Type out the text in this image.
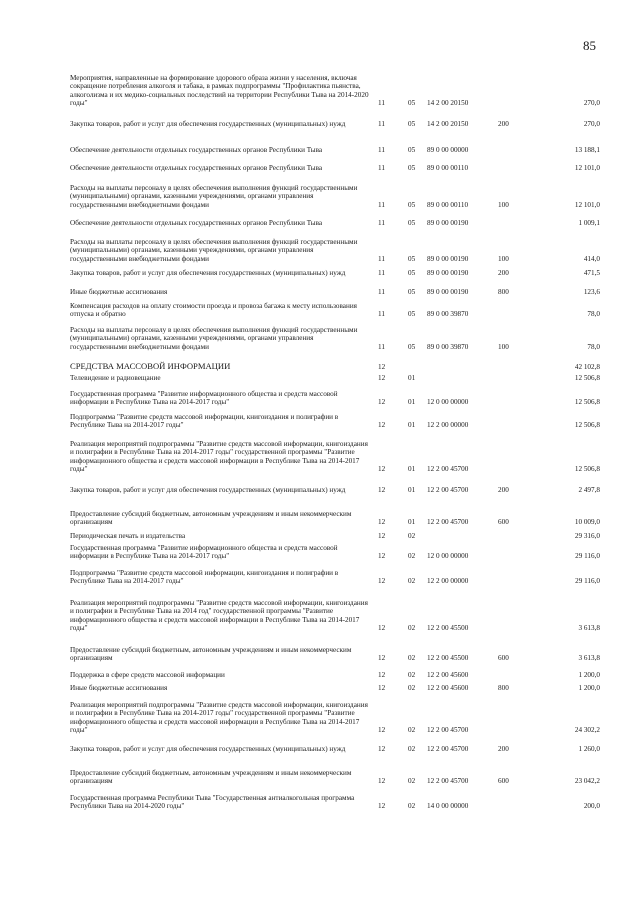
85
Мероприятия, направленные на формирование здорового образа жизни у населения, включая сокращение потребления алкоголя и табака, в рамках подпрограммы "Профилактика пьянства, алкоголизма и их медико-социальных последствий на территории Республики Тыва на 2014-2020 годы"	11	05 14 2 00 20150	270,0
Закупка товаров, работ и услуг для обеспечения государственных (муниципальных) нужд	11	05 14 2 00 20150	200	270,0
Обеспечение деятельности отдельных государственных органов Республики Тыва	11	05 89 0 00 00000	13 188,1
Обеспечение деятельности отдельных государственных органов Республики Тыва	11	05 89 0 00 00110	12 101,0
Расходы на выплаты персоналу в целях обеспечения выполнения функций государственными (муниципальными) органами, казенными учреждениями, органами управления государственными внебюджетными фондами	11	05 89 0 00 00110	100	12 101,0
Обеспечение деятельности отдельных государственных органов Республики Тыва	11	05 89 0 00 00190	1 009,1
Расходы на выплаты персоналу в целях обеспечения выполнения функций государственными (муниципальными) органами, казенными учреждениями, органами управления государственными внебюджетными фондами	11	05 89 0 00 00190	100	414,0
Закупка товаров, работ и услуг для обеспечения государственных (муниципальных) нужд	11	05 89 0 00 00190	200	471,5
Иные бюджетные ассигнования	11	05 89 0 00 00190	800	123,6
Компенсация расходов на оплату стоимости проезда и провоза багажа к месту использования отпуска и обратно	11	05 89 0 00 39870	78,0
Расходы на выплаты персоналу в целях обеспечения выполнения функций государственными (муниципальными) органами, казенными учреждениями, органами управления государственными внебюджетными фондами	11	05 89 0 00 39870	100	78,0
СРЕДСТВА МАССОВОЙ ИНФОРМАЦИИ	12	42 102,8
Телевидение и радиовещание	12	01	12 506,8
Государственная программа "Развитие информационного общества и средств массовой информации в Республике Тыва на 2014-2017 годы"	12	01 12 0 00 00000	12 506,8
Подпрограмма "Развитие средств массовой информации, книгоиздания и полиграфии в Республике Тыва на 2014-2017 годы"	12	01 12 2 00 00000	12 506,8
Реализация мероприятий подпрограммы "Развитие средств массовой информации, книгоиздания и полиграфии в Республике Тыва на 2014-2017 годы" государственной программы "Развитие информационного общества и средств массовой информации в Республике Тыва на 2014-2017 годы"	12	01 12 2 00 45700	12 506,8
Закупка товаров, работ и услуг для обеспечения государственных (муниципальных) нужд	12	01 12 2 00 45700	200	2 497,8
Предоставление субсидий бюджетным, автономным учреждениям и иным некоммерческим организациям	12	01 12 2 00 45700	600	10 009,0
Периодическая печать и издательства	12	02	29 316,0
Государственная программа "Развитие информационного общества и средств массовой информации в Республике Тыва на 2014-2017 годы"	12	02 12 0 00 00000	29 116,0
Подпрограмма "Развитие средств массовой информации, книгоиздания и полиграфии в Республике Тыва на 2014-2017 годы"	12	02 12 2 00 00000	29 116,0
Реализация мероприятий подпрограммы "Развитие средств массовой информации, книгоиздания и полиграфии в Республике Тыва на 2014 год" государственной программы "Развитие информационного общества и средств массовой информации в Республике Тыва на 2014-2017 годы"	12	02 12 2 00 45500	3 613,8
Предоставление субсидий бюджетным, автономным учреждениям и иным некоммерческим организациям	12	02 12 2 00 45500	600	3 613,8
Поддержка в сфере средств массовой информации	12	02 12 2 00 45600	1 200,0
Иные бюджетные ассигнования	12	02 12 2 00 45600	800	1 200,0
Реализация мероприятий подпрограммы "Развитие средств массовой информации, книгоиздания и полиграфии в Республике Тыва на 2014-2017 годы" государственной программы "Развитие информационного общества и средств массовой информации в Республике Тыва на 2014-2017 годы"	12	02 12 2 00 45700	24 302,2
Закупка товаров, работ и услуг для обеспечения государственных (муниципальных) нужд	12	02 12 2 00 45700	200	1 260,0
Предоставление субсидий бюджетным, автономным учреждениям и иным некоммерческим организациям	12	02 12 2 00 45700	600	23 042,2
Государственная программа Республики Тыва "Государственная антиалкогольная программа Республики Тыва на 2014-2020 годы"	12	02 14 0 00 00000	200,0
